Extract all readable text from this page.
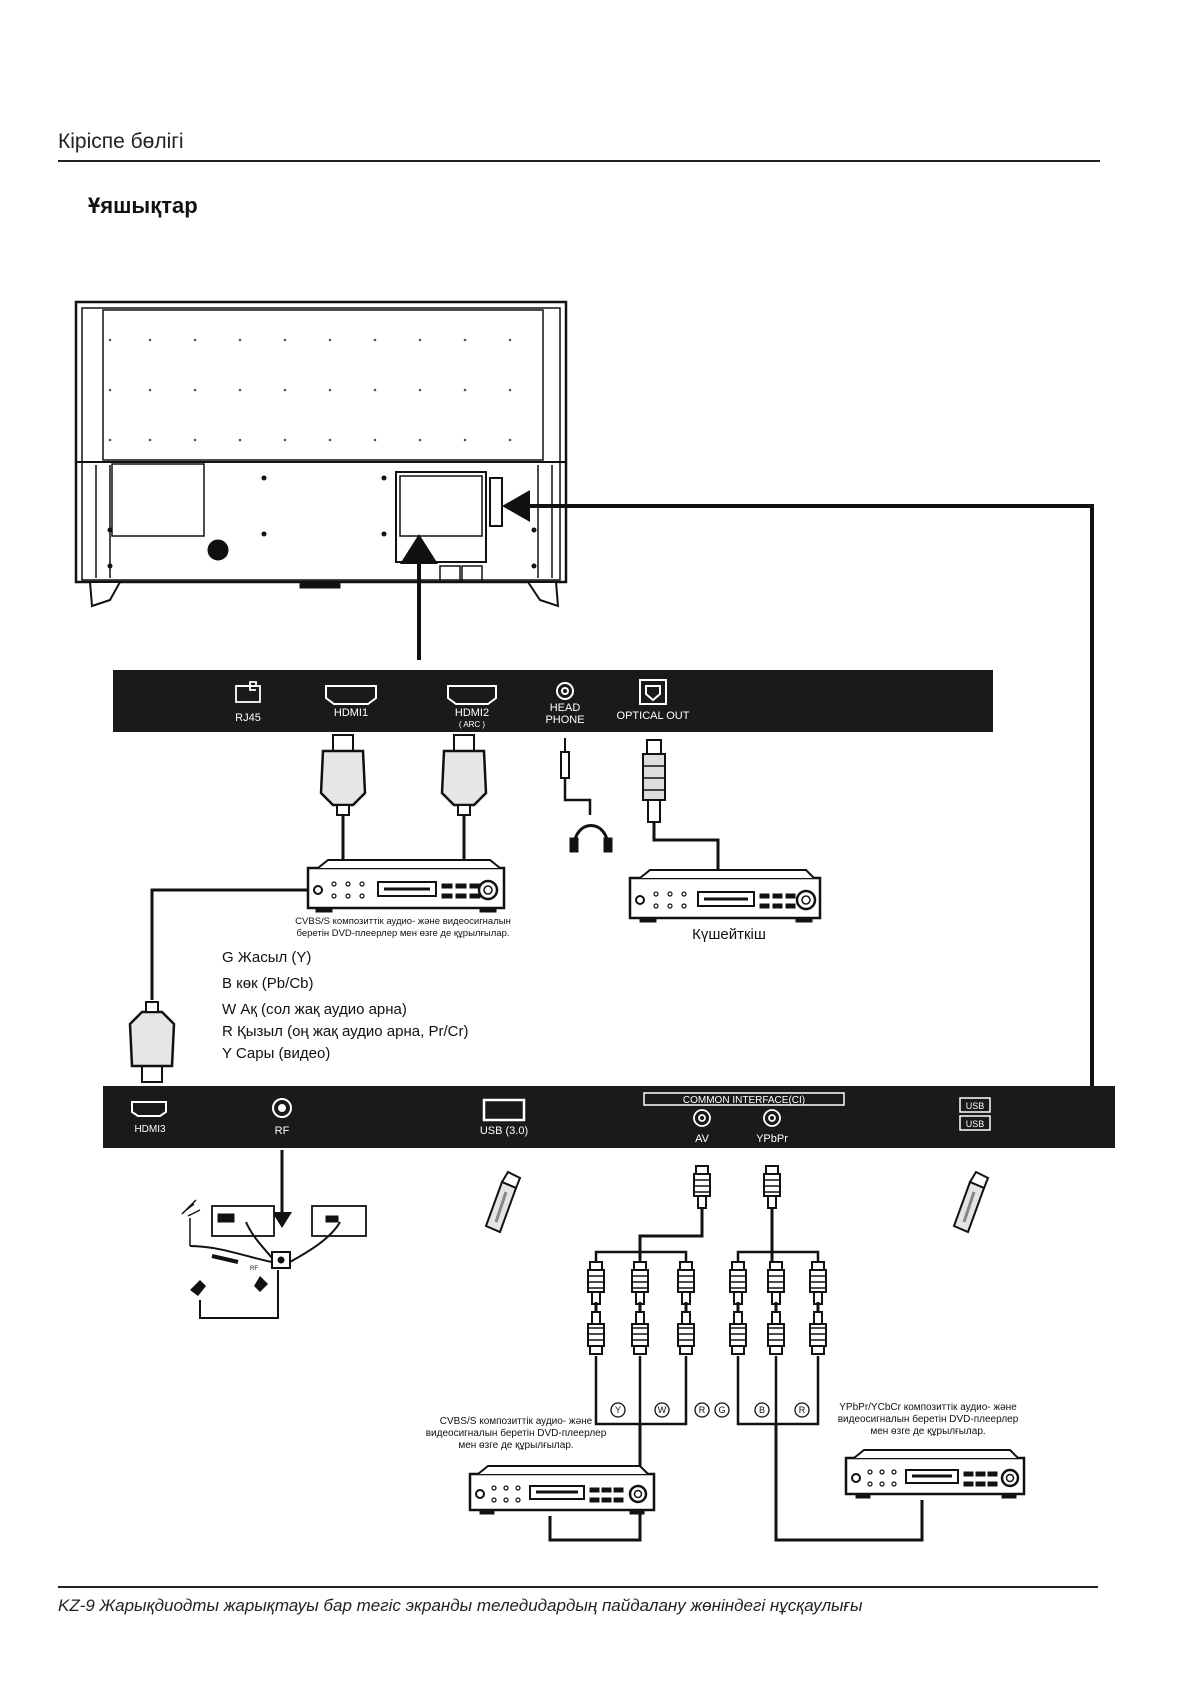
Кіріспе бөлігі
Ұяшықтар
RJ45	HDMI1	HDMI2
( ARC )
HEAD
PHONE	OPTICAL OUT
CVBS/S композиттік аудио- және видеосигналын
беретін DVD-плеерлер мен өзге де құрылғылар.	Күшейткіш
G Жасыл (Y)
B көк (Pb/Cb)
W Ақ (сол жақ аудио арна)
R Қызыл (оң жақ аудио арна, Pr/Cr)
Y Сары (видео)
HDMI3	RF	USB (3.0)
COMMON INTERFACE(CI)
AV	YPbPr
USB
USB
RF
Y	W	R G	B	R
CVBS/S композиттік аудио- және
видеосигналын беретін DVD-плеерлер
мен өзге де құрылғылар.
YPbPr/YCbCr композиттік аудио- және
видеосигналын беретін DVD-плеерлер
мен өзге де құрылғылар.
KZ-9 Жарықдиодты жарықтауы бар тегіс экранды теледидардың пайдалану жөніндегі нұсқаулығы
